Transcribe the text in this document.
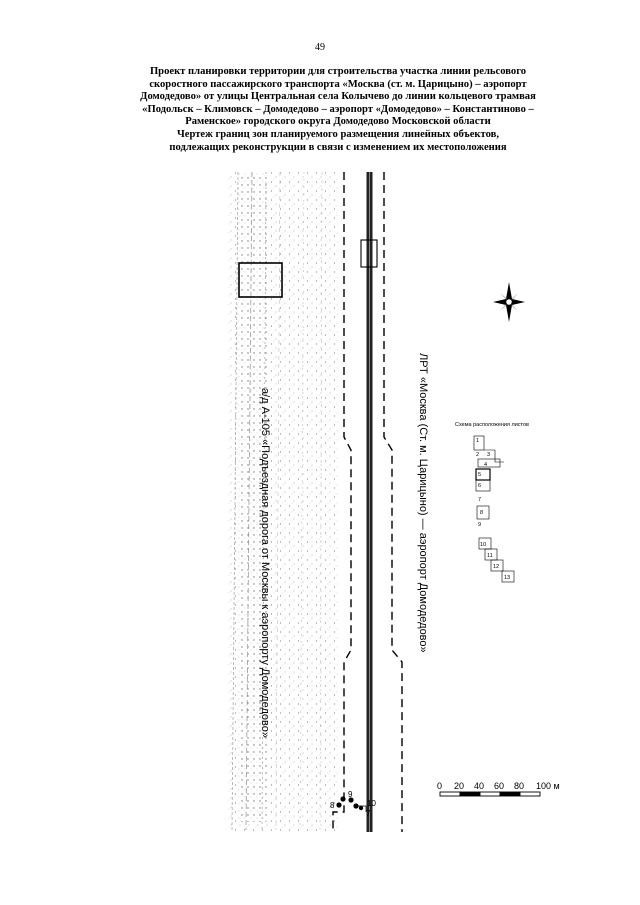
49
Проект планировки территории для строительства участка линии рельсового
скоростного пассажирского транспорта «Москва (ст. м. Царицыно) – аэропорт
Домодедово» от улицы Центральная села Колычево до линии кольцевого трамвая
«Подольск – Климовск – Домодедово – аэропорт «Домодедово» – Константиново –
Раменское» городского округа Домодедово Московской области
Чертеж границ зон планируемого размещения линейных объектов,
подлежащих реконструкции в связи с изменением их местоположения
а/д А-105 «Подъездная дорога от Москвы к аэропорту Домодедово»	ЛРТ «Москва (Ст. м. Царицыно) — аэропорт Домодедово»	Схема расположения листов
1
2 3
4
5
6
7
8
9
10
11
12
13
0 20 40 60 80 100 м
8
9
10
7
